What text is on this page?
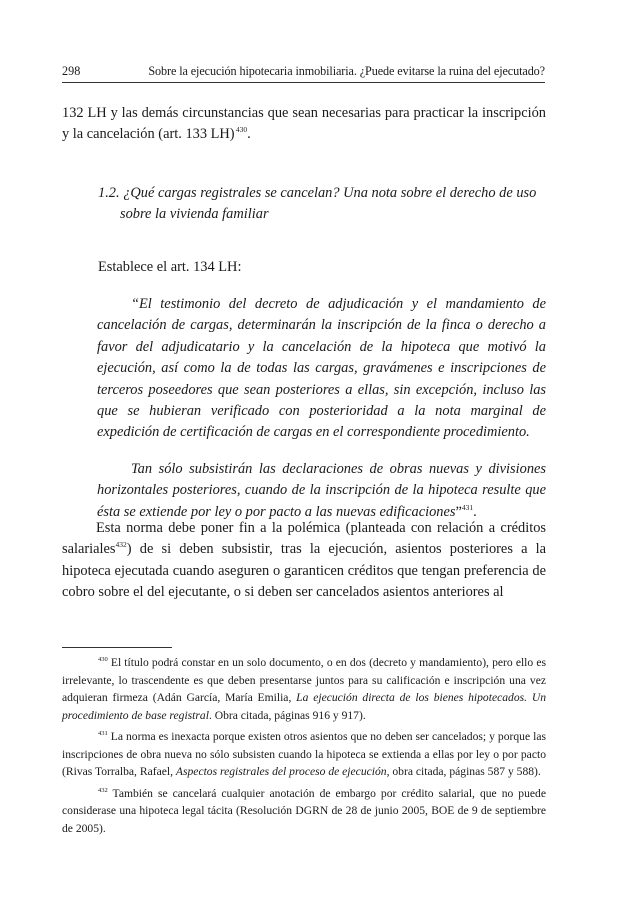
298	Sobre la ejecución hipotecaria inmobiliaria. ¿Puede evitarse la ruina del ejecutado?

132 LH y las demás circunstancias que sean necesarias para practicar la inscripción y la cancelación (art. 133 LH) $^{430}$.

1.2. ¿Qué cargas registrales se cancelan? Una nota sobre el derecho de uso sobre la vivienda familiar

Establece el art. 134 LH:

“El testimonio del decreto de adjudicación y el mandamiento de cancelación de cargas, determinarán la inscripción de la finca o derecho a favor del adjudicatario y la cancelación de la hipoteca que motivó la ejecución, así como la de todas las cargas, gravámenes e inscripciones de terceros poseedores que sean posteriores a ellas, sin excepción, incluso las que se hubieran verificado con posterioridad a la nota marginal de expedición de certificación de cargas en el correspondiente procedimiento.

Tan sólo subsistirán las declaraciones de obras nuevas y divisiones horizontales posteriores, cuando de la inscripción de la hipoteca resulte que ésta se extiende por ley o por pacto a las nuevas edificaciones”$^{431}$.

Esta norma debe poner fin a la polémica (planteada con relación a créditos salariales$^{432}$) de si deben subsistir, tras la ejecución, asientos posteriores a la hipoteca ejecutada cuando aseguren o garanticen créditos que tengan preferencia de cobro sobre el del ejecutante, o si deben ser cancelados asientos anteriores al

$^{430}$ El título podrá constar en un solo documento, o en dos (decreto y mandamiento), pero ello es irrelevante, lo trascendente es que deben presentarse juntos para su calificación e inscripción una vez adquieran firmeza (Adán García, María Emilia, La ejecución directa de los bienes hipotecados. Un procedimiento de base registral. Obra citada, páginas 916 y 917).

$^{431}$ La norma es inexacta porque existen otros asientos que no deben ser cancelados; y porque las inscripciones de obra nueva no sólo subsisten cuando la hipoteca se extienda a ellas por ley o por pacto (Rivas Torralba, Rafael, Aspectos registrales del proceso de ejecución, obra citada, páginas 587 y 588).

$^{432}$ También se cancelará cualquier anotación de embargo por crédito salarial, que no puede considerase una hipoteca legal tácita (Resolución DGRN de 28 de junio 2005, BOE de 9 de septiembre de 2005).
